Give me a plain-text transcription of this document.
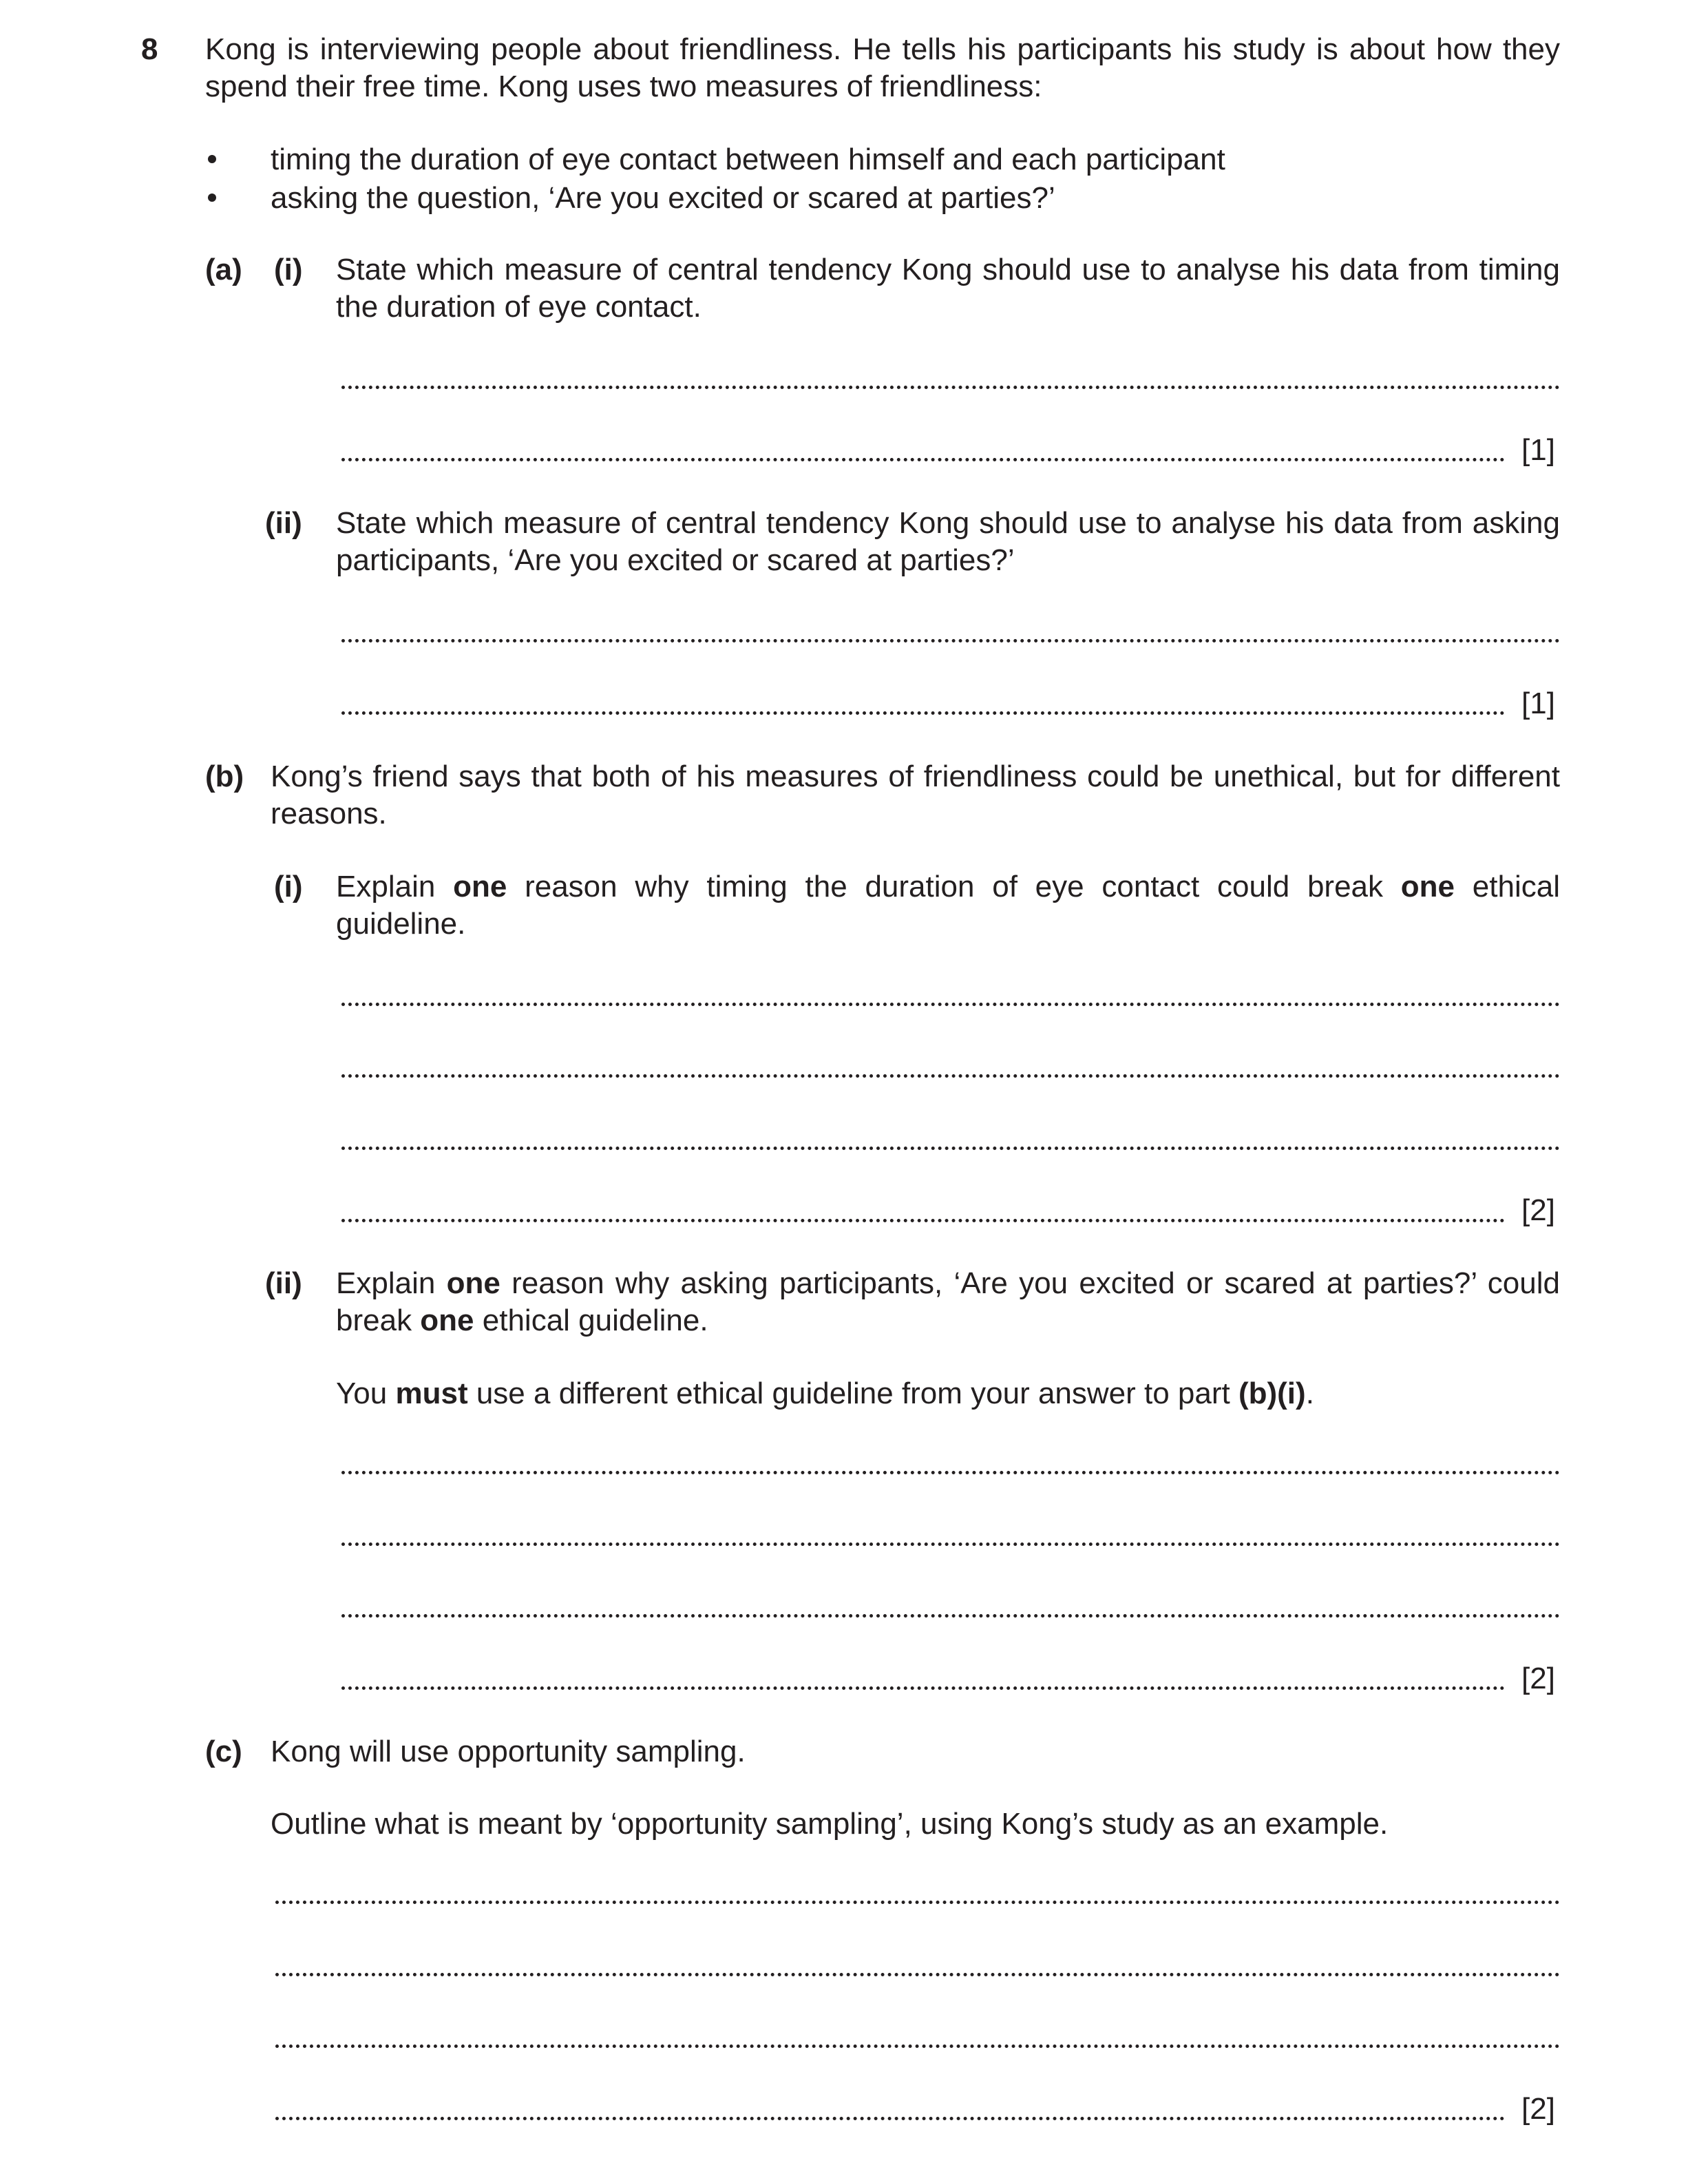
8 Kong is interviewing people about friendliness. He tells his participants his study is about how they spend their free time. Kong uses two measures of friendliness:

timing the duration of eye contact between himself and each participant
asking the question, ‘Are you excited or scared at parties?’
(a) (i) State which measure of central tendency Kong should use to analyse his data from timing the duration of eye contact.

[1]
(ii) State which measure of central tendency Kong should use to analyse his data from asking participants, ‘Are you excited or scared at parties?’

[1]
(b) Kong’s friend says that both of his measures of friendliness could be unethical, but for different reasons.

(i) Explain one reason why timing the duration of eye contact could break one ethical guideline.

[2]
(ii) Explain one reason why asking participants, ‘Are you excited or scared at parties?’ could break one ethical guideline.

You must use a different ethical guideline from your answer to part (b)(i).

[2]
(c) Kong will use opportunity sampling.

Outline what is meant by ‘opportunity sampling’, using Kong’s study as an example.

[2]
